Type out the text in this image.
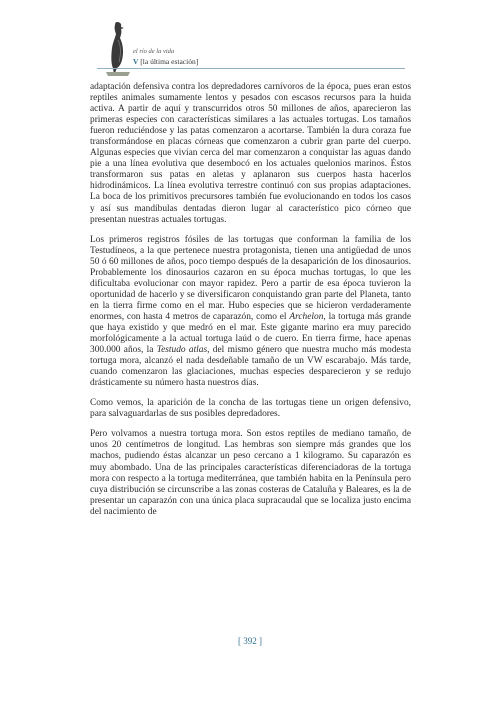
el río de la vida
V [la última estación]

adaptación defensiva contra los depredadores carnívoros de la época, pues eran estos reptiles animales sumamente lentos y pesados con escasos recursos para la huida activa. A partir de aquí y transcurridos otros 50 millones de años, aparecieron las primeras especies con características similares a las actuales tortugas. Los tamaños fueron reduciéndose y las patas comenzaron a acortarse. También la dura coraza fue transformándose en placas córneas que comenzaron a cubrir gran parte del cuerpo. Algunas especies que vivían cerca del mar comenzaron a conquistar las aguas dando pie a una línea evolutiva que desembocó en los actuales quelonios marinos. Éstos transformaron sus patas en aletas y aplanaron sus cuerpos hasta hacerlos hidrodinámicos. La línea evolutiva terrestre continuó con sus propias adaptaciones. La boca de los primitivos precursores también fue evolucionando en todos los casos y así sus mandíbulas dentadas dieron lugar al característico pico córneo que presentan nuestras actuales tortugas.

Los primeros registros fósiles de las tortugas que conforman la familia de los Testudíneos, a la que pertenece nuestra protagonista, tienen una antigüedad de unos 50 ó 60 millones de años, poco tiempo después de la desaparición de los dinosaurios. Probablemente los dinosaurios cazaron en su época muchas tortugas, lo que les dificultaba evolucionar con mayor rapidez. Pero a partir de esa época tuvieron la oportunidad de hacerlo y se diversificaron conquistando gran parte del Planeta, tanto en la tierra firme como en el mar. Hubo especies que se hicieron verdaderamente enormes, con hasta 4 metros de caparazón, como el Archelon, la tortuga más grande que haya existido y que medró en el mar. Este gigante marino era muy parecido morfológicamente a la actual tortuga laúd o de cuero. En tierra firme, hace apenas 300.000 años, la Testudo atlas, del mismo género que nuestra mucho más modesta tortuga mora, alcanzó el nada desdeñable tamaño de un VW escarabajo. Más tarde, cuando comenzaron las glaciaciones, muchas especies desparecieron y se redujo drásticamente su número hasta nuestros días.

Como vemos, la aparición de la concha de las tortugas tiene un origen defensivo, para salvaguardarlas de sus posibles depredadores.

Pero volvamos a nuestra tortuga mora. Son estos reptiles de mediano tamaño, de unos 20 centímetros de longitud. Las hembras son siempre más grandes que los machos, pudiendo éstas alcanzar un peso cercano a 1 kilogramo. Su caparazón es muy abombado. Una de las principales características diferenciadoras de la tortuga mora con respecto a la tortuga mediterránea, que también habita en la Península pero cuya distribución se circunscribe a las zonas costeras de Cataluña y Baleares, es la de presentar un caparazón con una única placa supracaudal que se localiza justo encima del nacimiento de

[ 392 ]
